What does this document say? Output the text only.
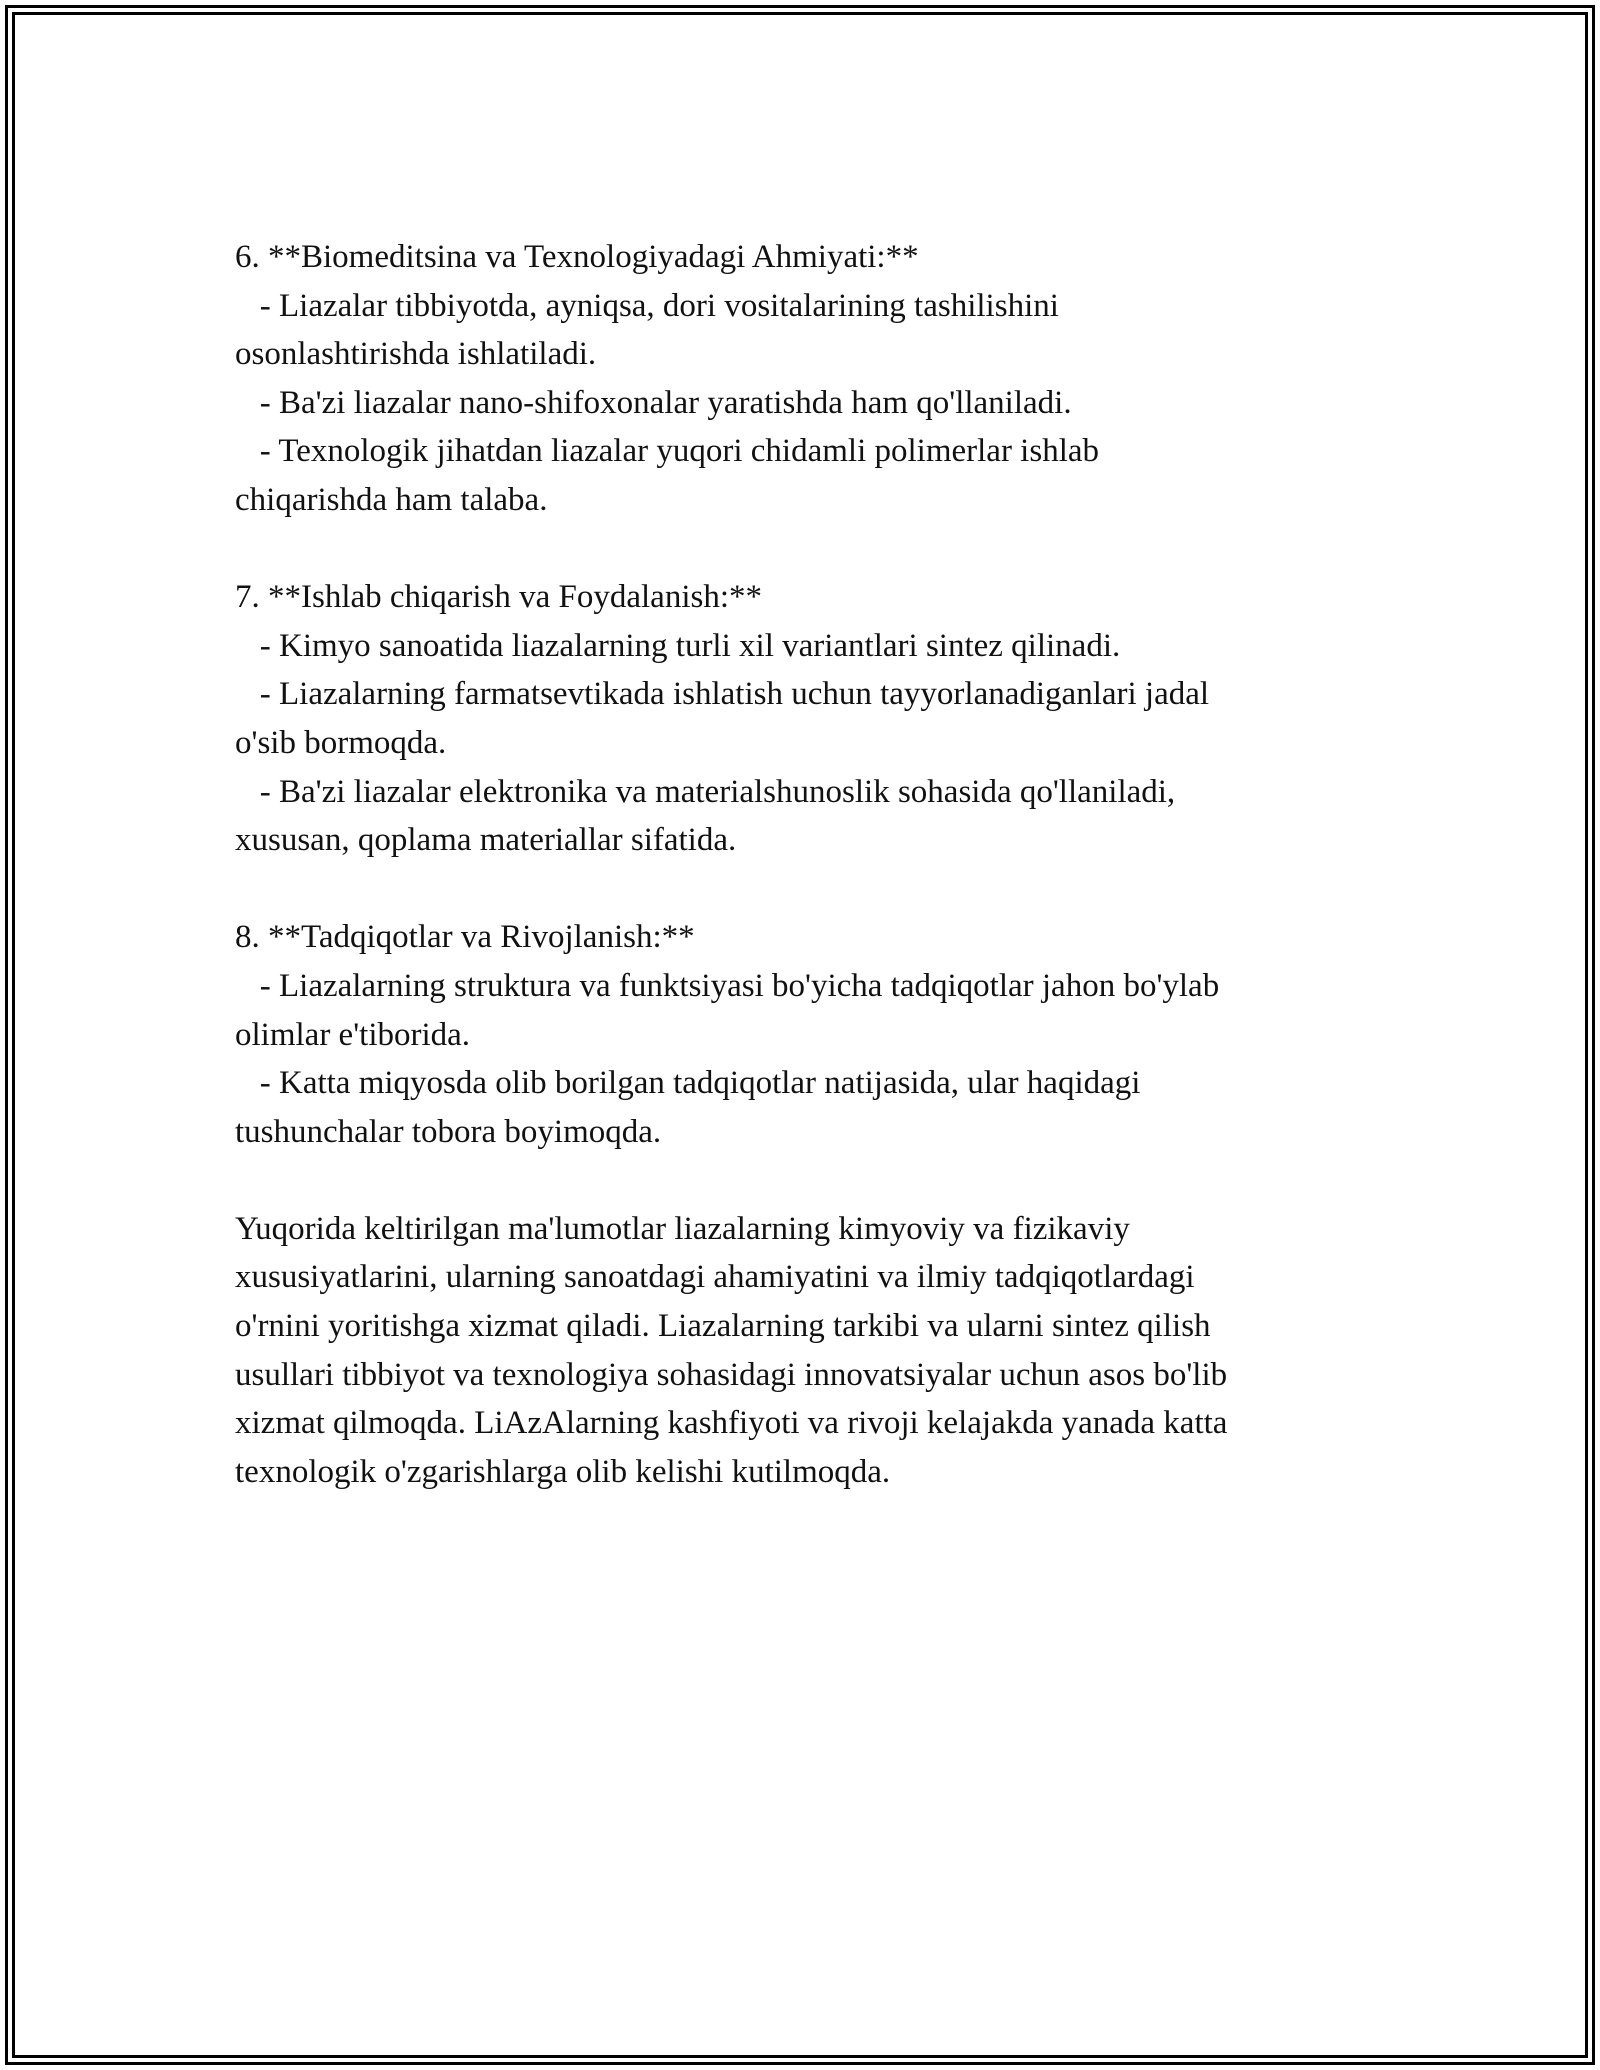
6. **Biomeditsina va Texnologiyadagi Ahmiyati:**
- Liazalar tibbiyotda, ayniqsa, dori vositalarining tashilishini
osonlashtirishda ishlatiladi.
- Ba'zi liazalar nano-shifoxonalar yaratishda ham qo'llaniladi.
- Texnologik jihatdan liazalar yuqori chidamli polimerlar ishlab
chiqarishda ham talaba.
7. **Ishlab chiqarish va Foydalanish:**
- Kimyo sanoatida liazalarning turli xil variantlari sintez qilinadi.
- Liazalarning farmatsevtikada ishlatish uchun tayyorlanadiganlari jadal
o'sib bormoqda.
- Ba'zi liazalar elektronika va materialshunoslik sohasida qo'llaniladi,
xususan, qoplama materiallar sifatida.
8. **Tadqiqotlar va Rivojlanish:**
- Liazalarning struktura va funktsiyasi bo'yicha tadqiqotlar jahon bo'ylab
olimlar e'tiborida.
- Katta miqyosda olib borilgan tadqiqotlar natijasida, ular haqidagi
tushunchalar tobora boyimoqda.
Yuqorida keltirilgan ma'lumotlar liazalarning kimyoviy va fizikaviy
xususiyatlarini, ularning sanoatdagi ahamiyatini va ilmiy tadqiqotlardagi
o'rnini yoritishga xizmat qiladi. Liazalarning tarkibi va ularni sintez qilish
usullari tibbiyot va texnologiya sohasidagi innovatsiyalar uchun asos bo'lib
xizmat qilmoqda. LiAzAlarning kashfiyoti va rivoji kelajakda yanada katta
texnologik o'zgarishlarga olib kelishi kutilmoqda.
